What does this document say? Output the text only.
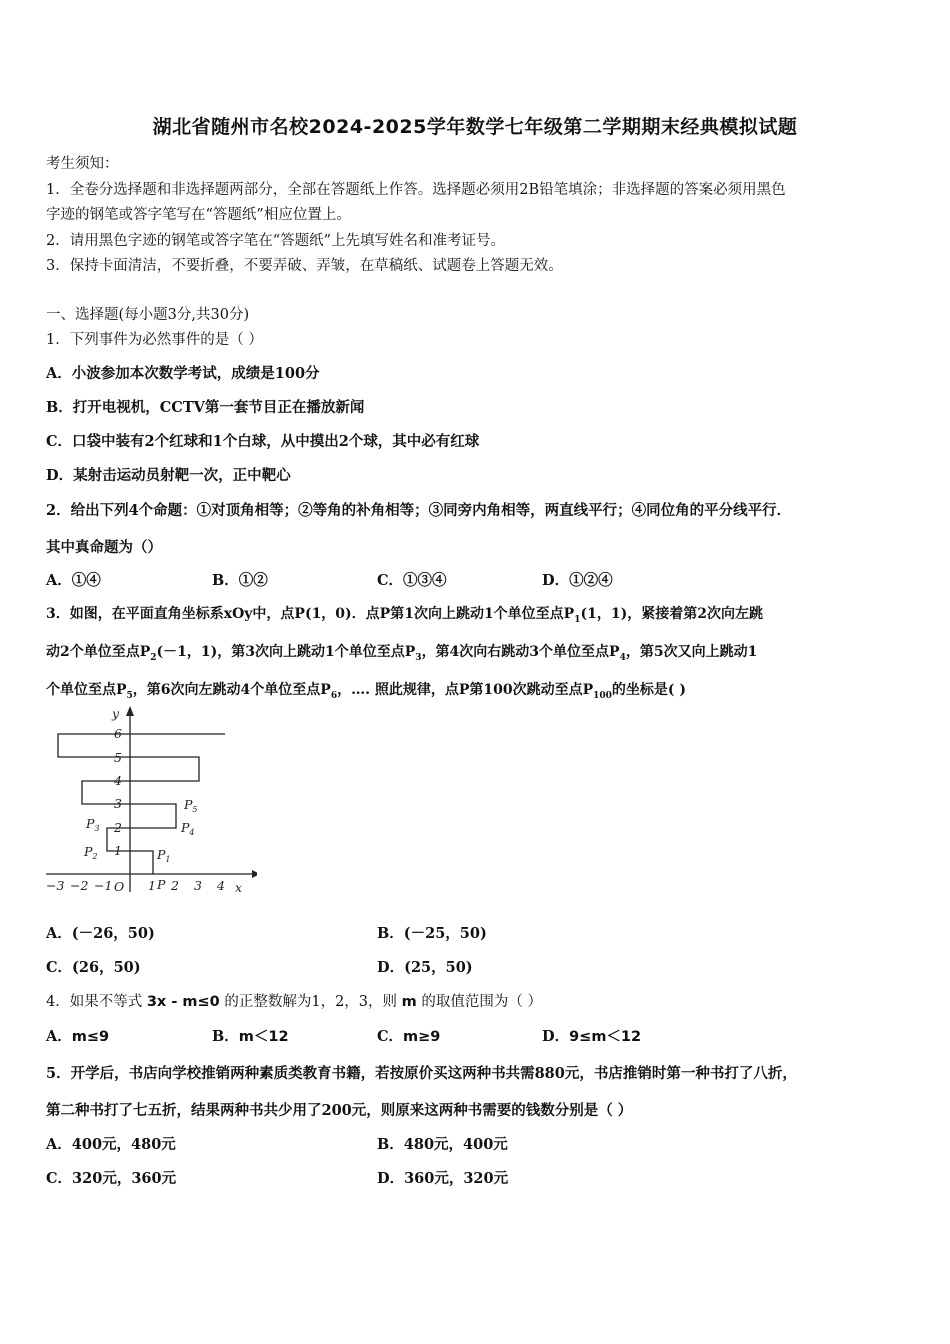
湖北省随州市名校2024-2025学年数学七年级第二学期期末经典模拟试题
考生须知：
1．全卷分选择题和非选择题两部分，全部在答题纸上作答。选择题必须用2B铅笔填涂；非选择题的答案必须用黑色
字迹的钢笔或答字笔写在“答题纸”相应位置上。
2．请用黑色字迹的钢笔或答字笔在“答题纸”上先填写姓名和准考证号。
3．保持卡面清洁，不要折叠，不要弄破、弄皱，在草稿纸、试题卷上答题无效。
一、选择题(每小题3分,共30分)
1．下列事件为必然事件的是（ ）
A．小波参加本次数学考试，成绩是100分
B．打开电视机，CCTV第一套节目正在播放新闻
C．口袋中装有2个红球和1个白球，从中摸出2个球，其中必有红球
D．某射击运动员射靶一次，正中靶心
2．给出下列4个命题：①对顶角相等；②等角的补角相等；③同旁内角相等，两直线平行；④同位角的平分线平行．
其中真命题为（）
A．①④	B．①②	C．①③④	D．①②④
3．如图，在平面直角坐标系xOy中，点P(1，0)．点P第1次向上跳动1个单位至点$P_1(1$，1)，紧接着第2次向左跳
动2个单位至点$P_2(-1$，1)，第3次向上跳动1个单位至点$P_3$，第4次向右跳动3个单位至点$P_4$，第5次又向上跳动1
个单位至点$P_5$，第6次向左跳动4个单位至点$P_6$，…. 照此规律，点P第100次跳动至点$P_{100}$的坐标是( )
−3 −2 −1 O 1 P 2 3 4 x
1
2
3
4
5
6
y
$P_1$
$P_2$
$P_4$
$P_3$
$P_5$
A．(－26，50)	B．(－25，50)
C．(26，50)	D．(25，50)
4．如果不等式 3x - m≤0 的正整数解为1，2，3，则 m 的取值范围为（ ）
A．m≤9	B．m＜12	C．m≥9	D．9≤m＜12
5．开学后，书店向学校推销两种素质类教育书籍，若按原价买这两种书共需880元，书店推销时第一种书打了八折，
第二种书打了七五折，结果两种书共少用了200元，则原来这两种书需要的钱数分别是（ ）
A．400元，480元	B．480元，400元
C．320元，360元	D．360元，320元
